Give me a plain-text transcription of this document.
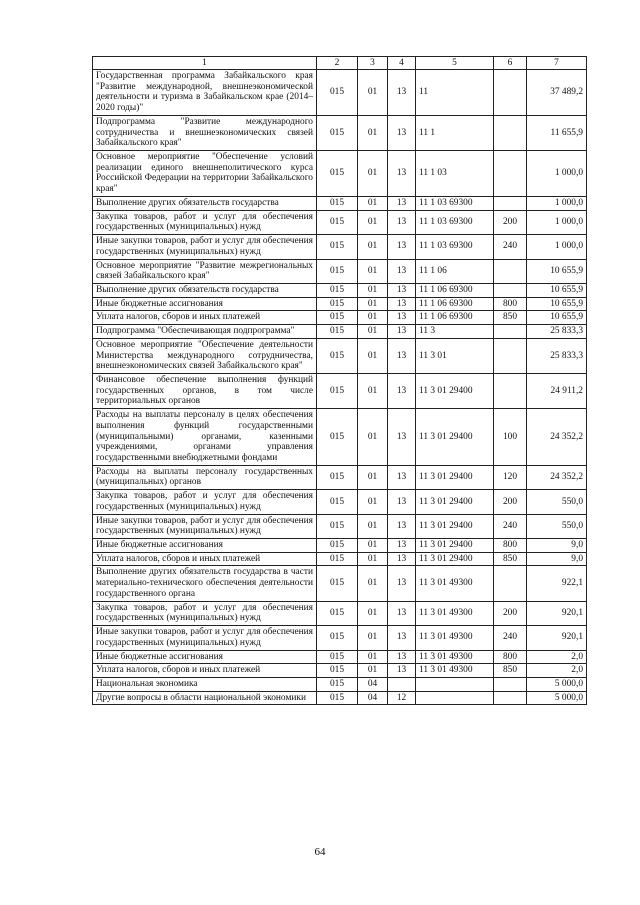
1	2	3	4	5	6	7
Государственная программа Забайкальского края "Развитие международной, внешнеэкономической деятельности и туризма в Забайкальском крае (2014–2020 годы)"	015	01	13	11		37 489,2
Подпрограмма "Развитие международного сотрудничества и внешнеэкономических связей Забайкальского края"	015	01	13	11 1		11 655,9
Основное мероприятие "Обеспечение условий реализации единого внешнеполитического курса Российской Федерации на территории Забайкальского края"	015	01	13	11 1 03		1 000,0
Выполнение других обязательств государства	015	01	13	11 1 03 69300		1 000,0
Закупка товаров, работ и услуг для обеспечения государственных (муниципальных) нужд	015	01	13	11 1 03 69300	200	1 000,0
Иные закупки товаров, работ и услуг для обеспечения государственных (муниципальных) нужд	015	01	13	11 1 03 69300	240	1 000,0
Основное мероприятие "Развитие межрегиональных связей Забайкальского края"	015	01	13	11 1 06		10 655,9
Выполнение других обязательств государства	015	01	13	11 1 06 69300		10 655,9
Иные бюджетные ассигнования	015	01	13	11 1 06 69300	800	10 655,9
Уплата налогов, сборов и иных платежей	015	01	13	11 1 06 69300	850	10 655,9
Подпрограмма "Обеспечивающая подпрограмма"	015	01	13	11 3		25 833,3
Основное мероприятие "Обеспечение деятельности Министерства международного сотрудничества, внешнеэкономических связей Забайкальского края"	015	01	13	11 3 01		25 833,3
Финансовое обеспечение выполнения функций государственных органов, в том числе территориальных органов	015	01	13	11 3 01 29400		24 911,2
Расходы на выплаты персоналу в целях обеспечения выполнения функций государственными (муниципальными) органами, казенными учреждениями, органами управления государственными внебюджетными фондами	015	01	13	11 3 01 29400	100	24 352,2
Расходы на выплаты персоналу государственных (муниципальных) органов	015	01	13	11 3 01 29400	120	24 352,2
Закупка товаров, работ и услуг для обеспечения государственных (муниципальных) нужд	015	01	13	11 3 01 29400	200	550,0
Иные закупки товаров, работ и услуг для обеспечения государственных (муниципальных) нужд	015	01	13	11 3 01 29400	240	550,0
Иные бюджетные ассигнования	015	01	13	11 3 01 29400	800	9,0
Уплата налогов, сборов и иных платежей	015	01	13	11 3 01 29400	850	9,0
Выполнение других обязательств государства в части материально-технического обеспечения деятельности государственного органа	015	01	13	11 3 01 49300		922,1
Закупка товаров, работ и услуг для обеспечения государственных (муниципальных) нужд	015	01	13	11 3 01 49300	200	920,1
Иные закупки товаров, работ и услуг для обеспечения государственных (муниципальных) нужд	015	01	13	11 3 01 49300	240	920,1
Иные бюджетные ассигнования	015	01	13	11 3 01 49300	800	2,0
Уплата налогов, сборов и иных платежей	015	01	13	11 3 01 49300	850	2,0
Национальная экономика	015	04				5 000,0
Другие вопросы в области национальной экономики	015	04	12			5 000,0
64
